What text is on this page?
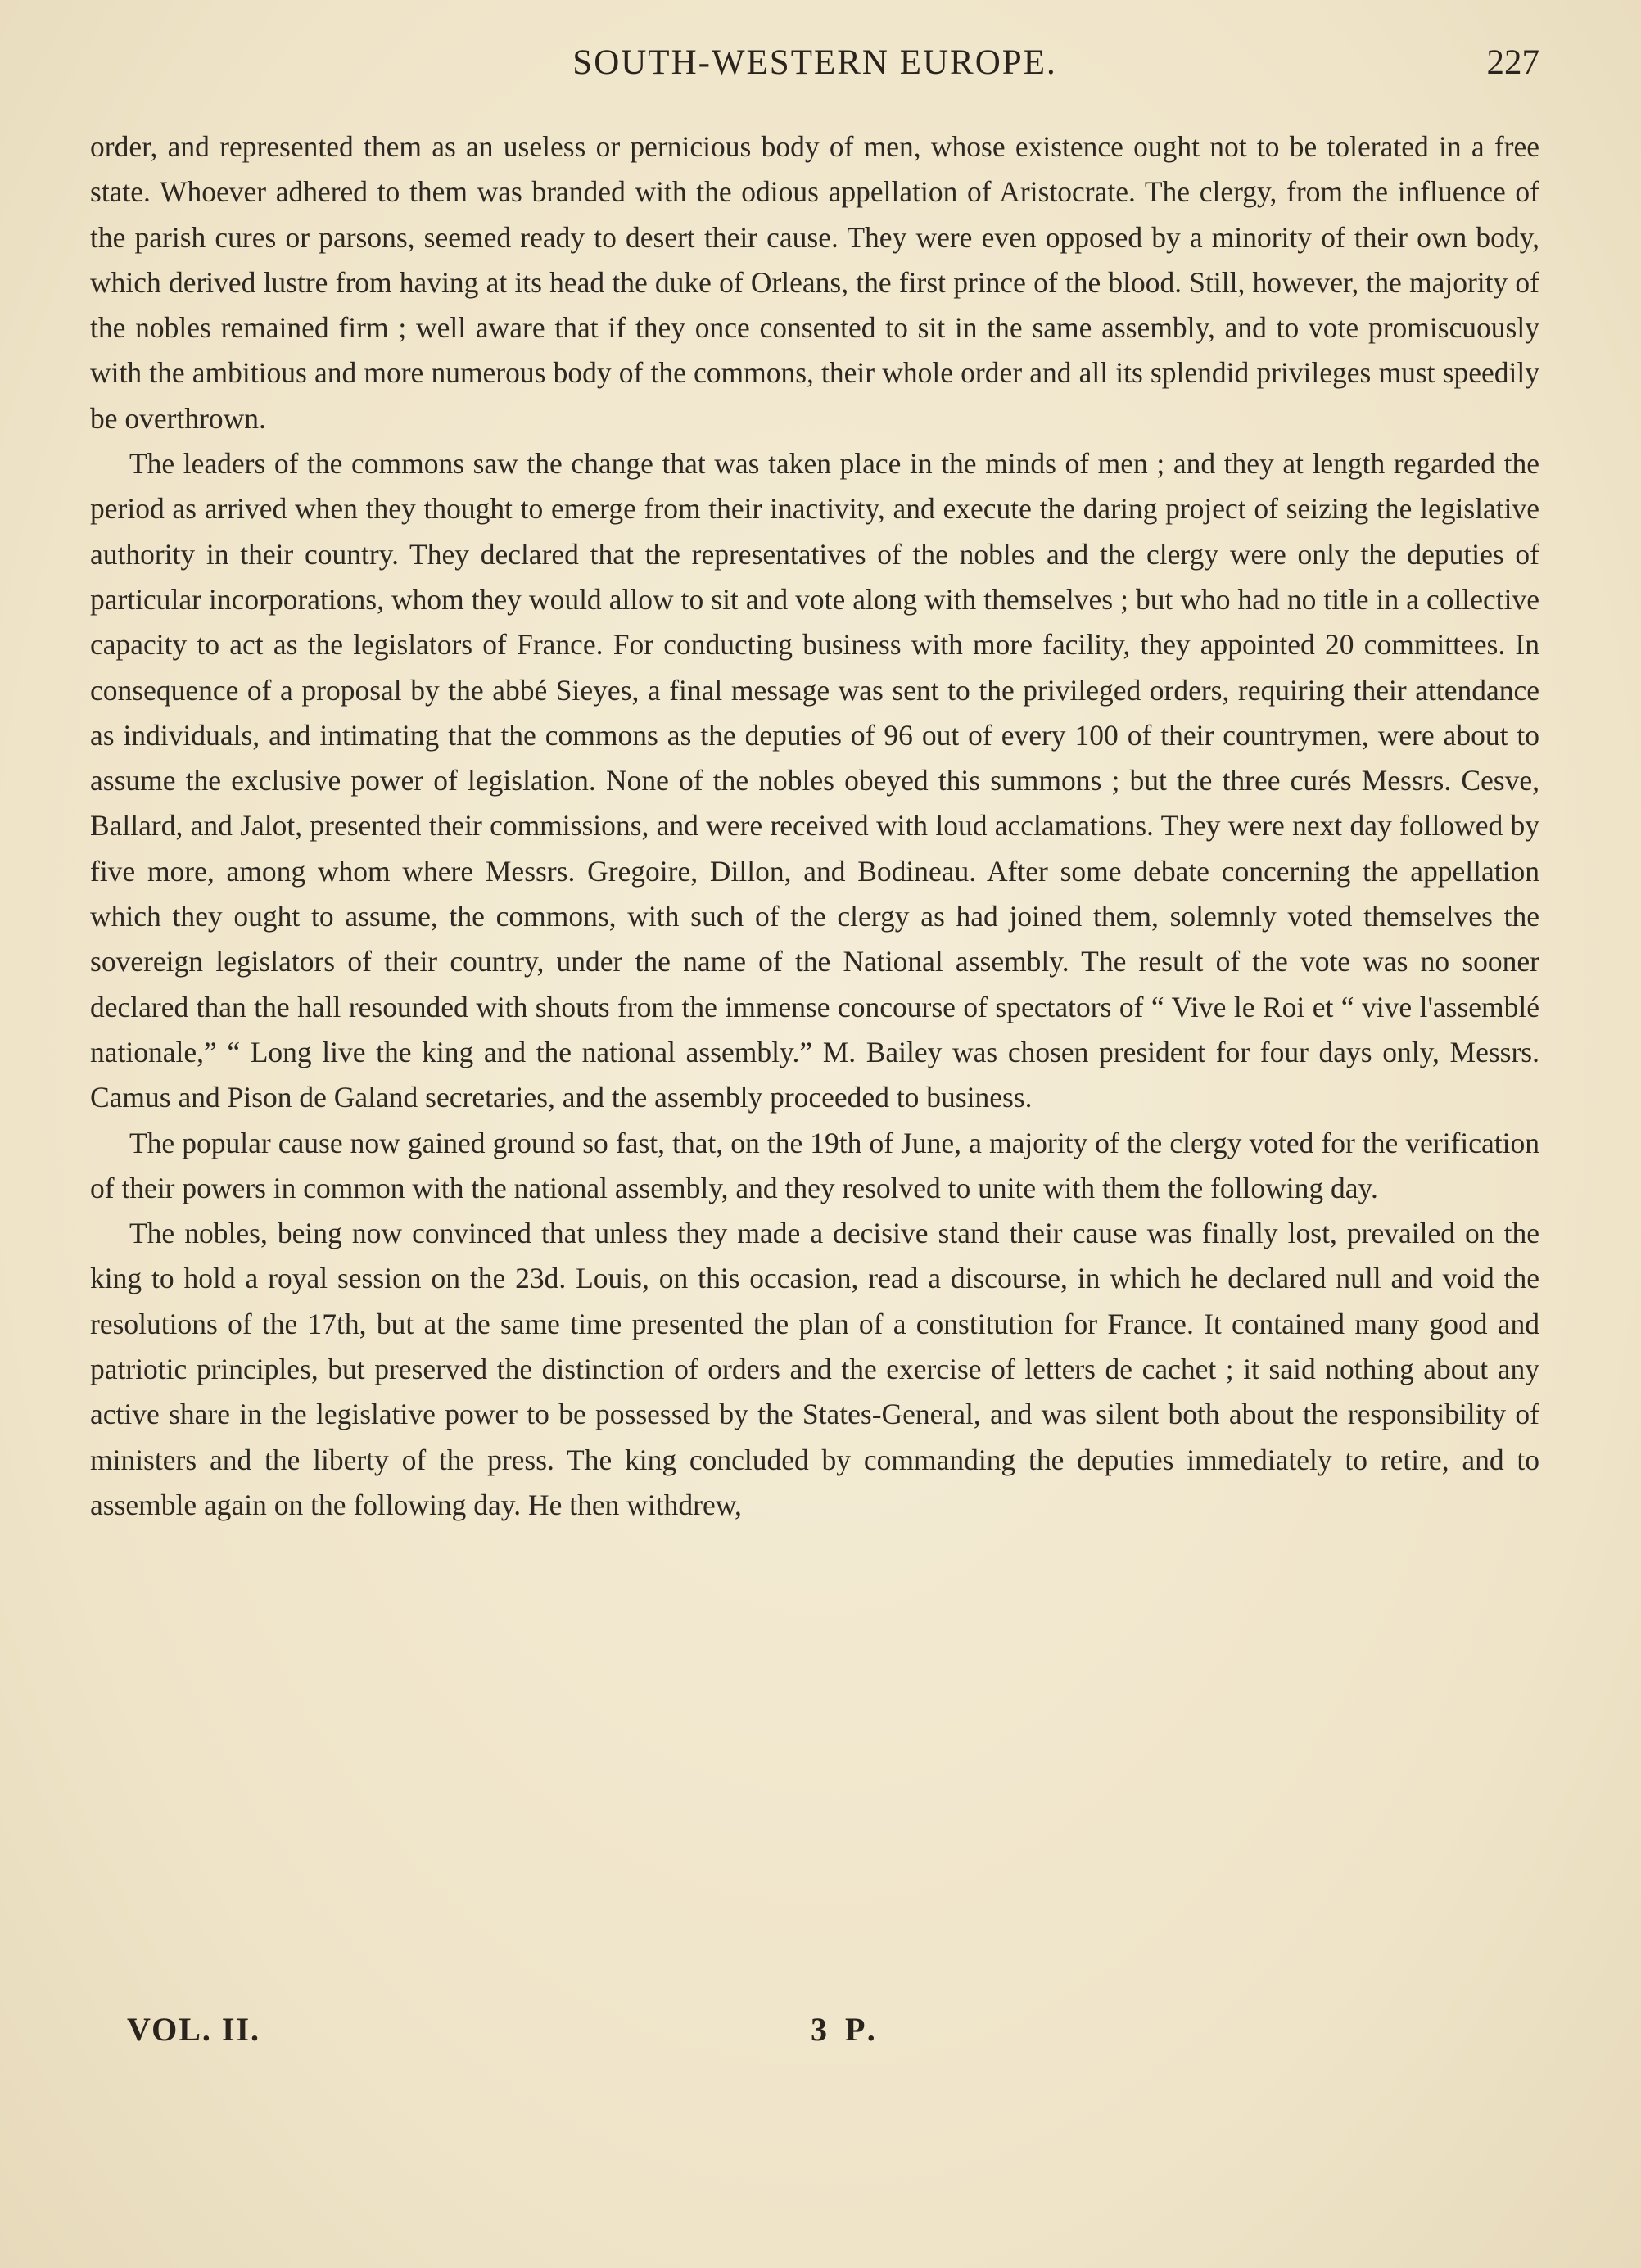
SOUTH-WESTERN EUROPE.	227

order, and represented them as an useless or pernicious body of men, whose existence ought not to be tolerated in a free state. Whoever adhered to them was branded with the odious appellation of Aristocrate. The clergy, from the influence of the parish cures or parsons, seemed ready to desert their cause. They were even opposed by a minority of their own body, which derived lustre from having at its head the duke of Orleans, the first prince of the blood. Still, however, the majority of the nobles remained firm ; well aware that if they once consented to sit in the same assembly, and to vote promiscuously with the ambitious and more numerous body of the commons, their whole order and all its splendid privileges must speedily be overthrown.

The leaders of the commons saw the change that was taken place in the minds of men ; and they at length regarded the period as arrived when they thought to emerge from their inactivity, and execute the daring project of seizing the legislative authority in their country. They declared that the representatives of the nobles and the clergy were only the deputies of particular incorporations, whom they would allow to sit and vote along with themselves ; but who had no title in a collective capacity to act as the legislators of France. For conducting business with more facility, they appointed 20 committees. In consequence of a proposal by the abbé Sieyes, a final message was sent to the privileged orders, requiring their attendance as individuals, and intimating that the commons as the deputies of 96 out of every 100 of their countrymen, were about to assume the exclusive power of legislation. None of the nobles obeyed this summons ; but the three curés Messrs. Cesve, Ballard, and Jalot, presented their commissions, and were received with loud acclamations. They were next day followed by five more, among whom where Messrs. Gregoire, Dillon, and Bodineau. After some debate concerning the appellation which they ought to assume, the commons, with such of the clergy as had joined them, solemnly voted themselves the sovereign legislators of their country, under the name of the National assembly. The result of the vote was no sooner declared than the hall resounded with shouts from the immense concourse of spectators of “ Vive le Roi et “ vive l'assemblé nationale,” “ Long live the king and the national assembly.” M. Bailey was chosen president for four days only, Messrs. Camus and Pison de Galand secretaries, and the assembly proceeded to business.

The popular cause now gained ground so fast, that, on the 19th of June, a majority of the clergy voted for the verification of their powers in common with the national assembly, and they resolved to unite with them the following day.

The nobles, being now convinced that unless they made a decisive stand their cause was finally lost, prevailed on the king to hold a royal session on the 23d. Louis, on this occasion, read a discourse, in which he declared null and void the resolutions of the 17th, but at the same time presented the plan of a constitution for France. It contained many good and patriotic principles, but preserved the distinction of orders and the exercise of letters de cachet ; it said nothing about any active share in the legislative power to be possessed by the States-General, and was silent both about the responsibility of ministers and the liberty of the press. The king concluded by commanding the deputies immediately to retire, and to assemble again on the following day. He then withdrew,

VOL. II.	3 P.
